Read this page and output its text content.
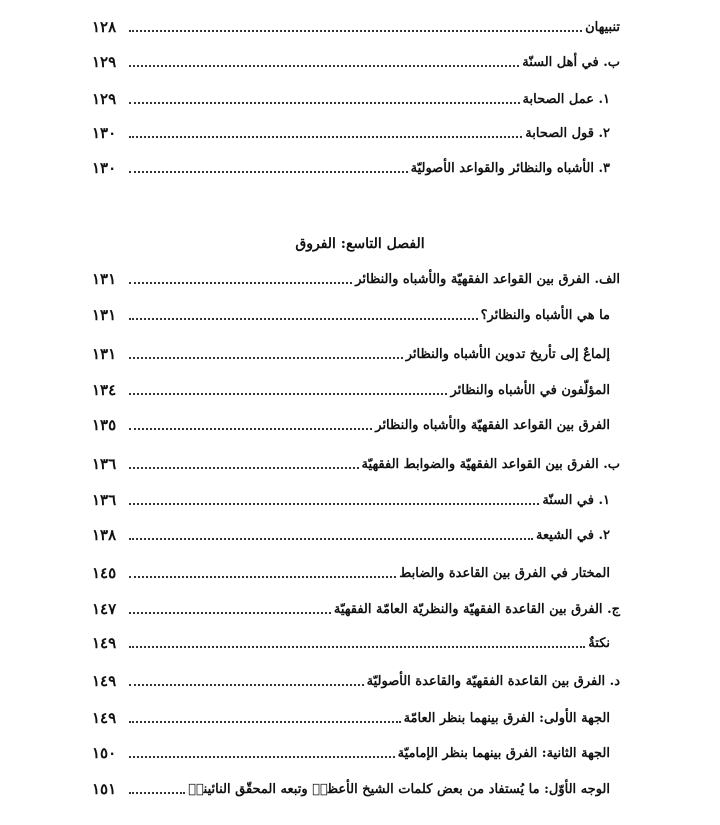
تنبيهان
١٢٨
ب. في أهل السنّة
١٢٩
١. عمل الصحابة
١٢٩
٢. قول الصحابة
١٣٠
٣. الأشباه والنظائر والقواعد الأصوليّة
١٣٠
الفصل التاسع: الفروق
الف. الفرق بين القواعد الفقهيّة والأشباه والنظائر
١٣١
ما هي الأشباه والنظائر؟
١٣١
إلماعٌ إلى تأريخ تدوين الأشباه والنظائر
١٣١
المؤلّفون في الأشباه والنظائر
١٣٤
الفرق بين القواعد الفقهيّة والأشباه والنظائر
١٣٥
ب. الفرق بين القواعد الفقهيّة والضوابط الفقهيّة
١٣٦
١. في السنّة
١٣٦
٢. في الشيعة
١٣٨
المختار في الفرق بين القاعدة والضابط
١٤٥
ج. الفرق بين القاعدة الفقهيّة والنظريّة العامّة الفقهيّة
١٤٧
نكتةٌ
١٤٩
د. الفرق بين القاعدة الفقهيّة والقاعدة الأصوليّة
١٤٩
الجهة الأولى: الفرق بينهما بنظر العامّة
١٤٩
الجهة الثانية: الفرق بينهما بنظر الإماميّة
١٥٠
الوجه الأوّل: ما يُستفاد من بعض كلمات الشيخ الأعظمؒ وتبعه المحقّق النائينيؒ
١٥١
